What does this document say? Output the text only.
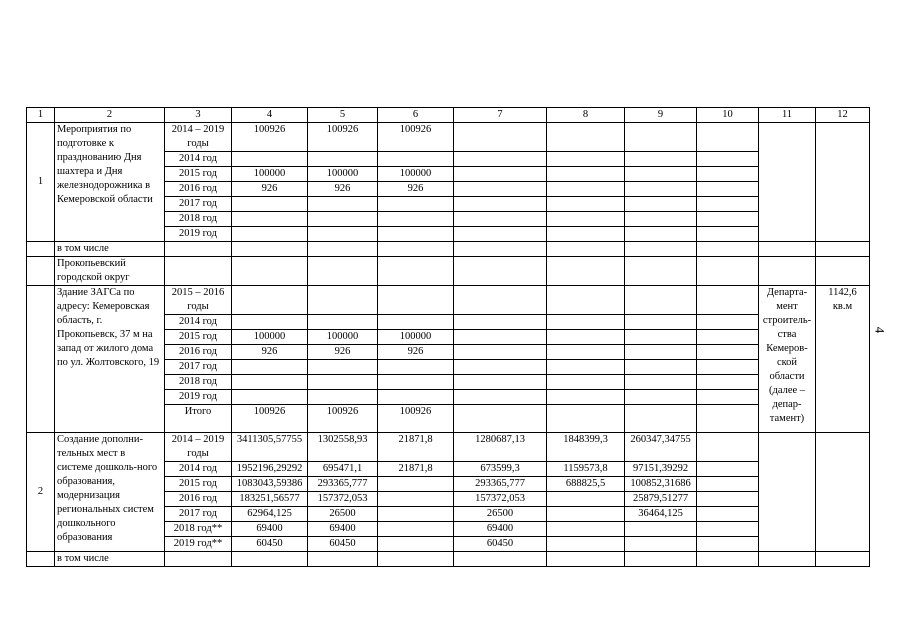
4
1	2	3	4	5	6	7	8	9	10	11	12
1	Мероприятия по подготовке к празднованию Дня шахтера и Дня железнодорожника в Кемеровской области	2014 – 2019 годы	100926	100926	100926						
		2014 год									
		2015 год	100000	100000	100000						
		2016 год	926	926	926						
		2017 год									
		2018 год									
		2019 год									
	в том числе										
	Прокопьевский городской округ										
	Здание ЗАГСа по адресу: Кемеровская область, г. Прокопьевск, 37 м на запад от жилого дома по ул. Жолтовского, 19	2015 – 2016 годы								Департа-мент строитель-ства Кемеров-ской области (далее – депар-тамент)	1142,6 кв.м
		2014 год									
		2015 год	100000	100000	100000						
		2016 год	926	926	926						
		2017 год									
		2018 год									
		2019 год									
		Итого	100926	100926	100926						
2	Создание дополни-тельных мест в системе дошколь-ного образования, модернизация региональных систем дошкольного образования	2014 – 2019 годы	3411305,57755	1302558,93	21871,8	1280687,13	1848399,3	260347,34755			
		2014 год	1952196,29292	695471,1	21871,8	673599,3	1159573,8	97151,39292			
		2015 год	1083043,59386	293365,777		293365,777	688825,5	100852,31686			
		2016 год	183251,56577	157372,053		157372,053		25879,51277			
		2017 год	62964,125	26500		26500		36464,125			
		2018 год**	69400	69400		69400					
		2019 год**	60450	60450		60450					
	в том числе										
